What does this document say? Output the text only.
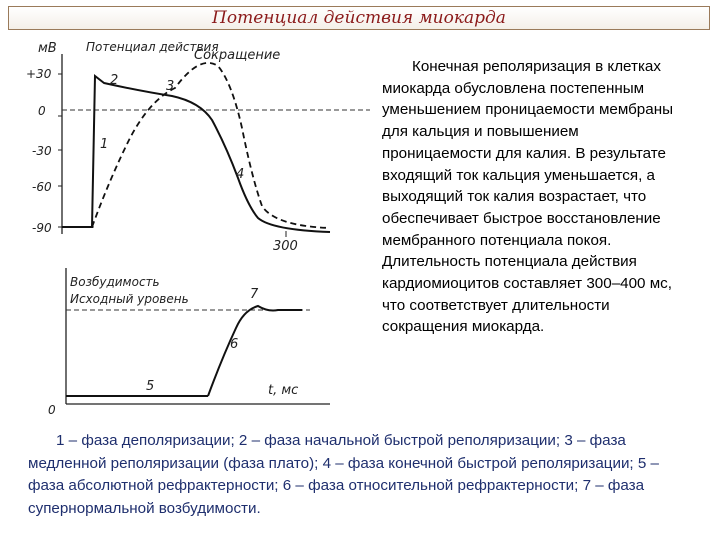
Потенциал действия миокарда
мВ
+30
0
-30
-60
-90
300
Потенциал действия
Сокращение
1
2	3
4
Возбудимость
Исходный уровень
5
6
7
0
t, мс

Конечная реполяризация в клетках миокарда обусловлена постепенным уменьшением проницаемости мембраны для кальция и повышением проницаемости для калия. В результате входящий ток кальция уменьшается, а выходящий ток калия возрастает, что обеспечивает быстрое восстановление мембранного потенциала покоя. Длительность потенциала действия кардиомиоцитов составляет 300–400 мс, что соответствует длительности сокращения миокарда.

1 – фаза деполяризации; 2 – фаза начальной быстрой реполяризации; 3 – фаза медленной реполяризации (фаза плато); 4 – фаза конечной быстрой реполяризации; 5 – фаза абсолютной рефрактерности; 6 – фаза относительной рефрактерности; 7 – фаза супернормальной возбудимости.
